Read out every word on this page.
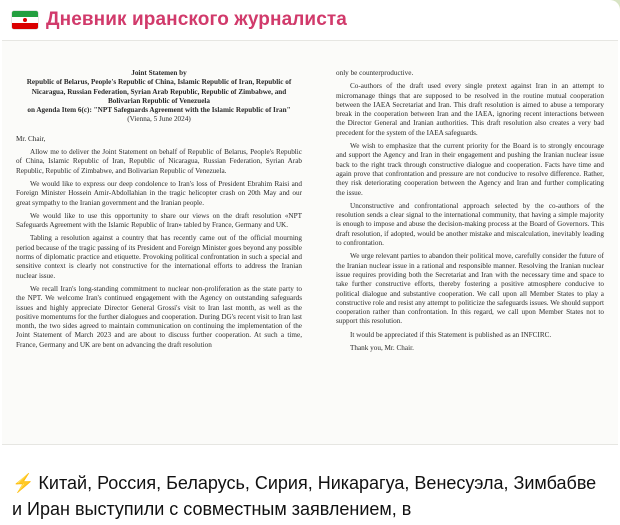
Дневник иранского журналиста
Joint Statemen by
Republic of Belarus, People's Republic of China, Islamic Republic of Iran, Republic of
Nicaragua, Russian Federation, Syrian Arab Republic, Republic of Zimbabwe, and
Bolivarian Republic of Venezuela
on Agenda Item 6(c): "NPT Safeguards Agreement with the Islamic Republic of Iran"
(Vienna, 5 June 2024)

Mr. Chair,

Allow me to deliver the Joint Statement on behalf of Republic of Belarus, People's Republic of China, Islamic Republic of Iran, Republic of Nicaragua, Russian Federation, Syrian Arab Republic, Republic of Zimbabwe, and Bolivarian Republic of Venezuela.

We would like to express our deep condolence to Iran's loss of President Ebrahim Raisi and Foreign Minister Hossein Amir-Abdollahian in the tragic helicopter crash on 20th May and our great sympathy to the Iranian government and the Iranian people.

We would like to use this opportunity to share our views on the draft resolution «NPT Safeguards Agreement with the Islamic Republic of Iran» tabled by France, Germany and UK.

Tabling a resolution against a country that has recently came out of the official mourning period because of the tragic passing of its President and Foreign Minister goes beyond any possible norms of diplomatic practice and etiquette. Provoking political confrontation in such a special and sensitive context is clearly not constructive for the international efforts to address the Iranian nuclear issue.

We recall Iran's long-standing commitment to nuclear non-proliferation as the state party to the NPT. We welcome Iran's continued engagement with the Agency on outstanding safeguards issues and highly appreciate Director General Grossi's visit to Iran last month, as well as the positive momentums for the further dialogues and cooperation. During DG's recent visit to Iran last month, the two sides agreed to maintain communication on continuing the implementation of the Joint Statement of March 2023 and are about to discuss further cooperation. At such a time, France, Germany and UK are bent on advancing the draft resolution

only be counterproductive.

Co-authors of the draft used every single pretext against Iran in an attempt to micromanage things that are supposed to be resolved in the routine mutual cooperation between the IAEA Secretariat and Iran. This draft resolution is aimed to abuse a temporary break in the cooperation between Iran and the IAEA, ignoring recent interactions between the Director General and Iranian authorities. This draft resolution also creates a very bad precedent for the system of the IAEA safeguards.

We wish to emphasize that the current priority for the Board is to strongly encourage and support the Agency and Iran in their engagement and pushing the Iranian nuclear issue back to the right track through constructive dialogue and cooperation. Facts have time and again prove that confrontation and pressure are not conducive to resolve difference. Rather, they risk deteriorating cooperation between the Agency and Iran and further complicating the issue.

Unconstructive and confrontational approach selected by the co-authors of the resolution sends a clear signal to the international community, that having a simple majority is enough to impose and abuse the decision-making process at the Board of Governors. This draft resolution, if adopted, would be another mistake and miscalculation, inevitably leading to confrontation.

We urge relevant parties to abandon their political move, carefully consider the future of the Iranian nuclear issue in a rational and responsible manner. Resolving the Iranian nuclear issue requires providing both the Secretariat and Iran with the necessary time and space to take further constructive efforts, thereby fostering a positive atmosphere conducive to political dialogue and substantive cooperation. We call upon all Member States to play a constructive role and resist any attempt to politicize the safeguards issues. We should support cooperation rather than confrontation. In this regard, we call upon Member States not to support this resolution.

It would be appreciated if this Statement is published as an INFCIRC.

Thank you, Mr. Chair.

⚡ Китай, Россия, Беларусь, Сирия, Никарагуа, Венесуэла, Зимбабве и Иран выступили с совместным заявлением, в
